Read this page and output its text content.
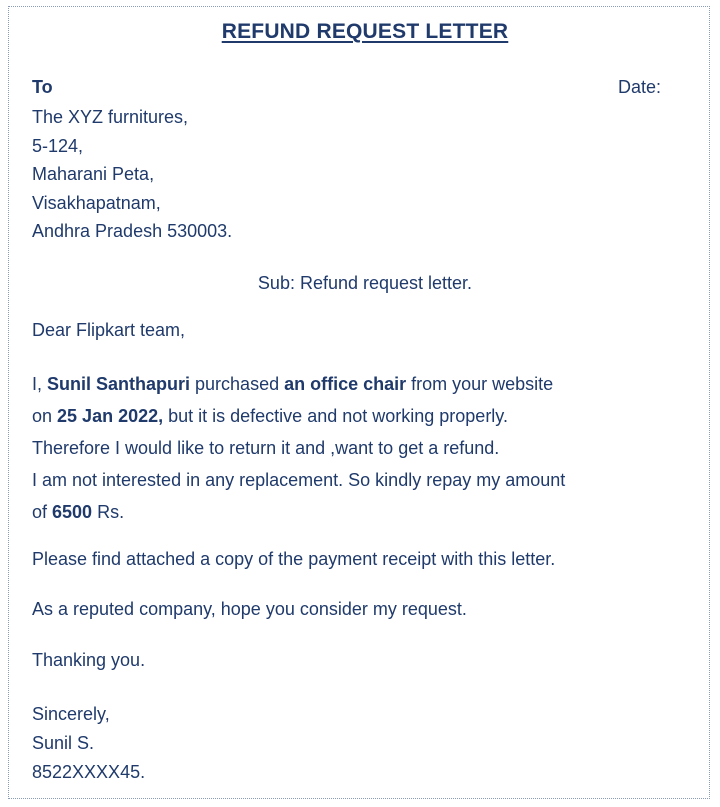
REFUND REQUEST LETTER
To	Date:
The XYZ furnitures,
5-124,
Maharani Peta,
Visakhapatnam,
Andhra Pradesh 530003.
Sub: Refund request letter.
Dear Flipkart team,
I, Sunil Santhapuri purchased an office chair from your website
on 25 Jan 2022, but it is defective and not working properly.
Therefore I would like to return it and ,want to get a refund.
I am not interested in any replacement. So kindly repay my amount
of 6500 Rs.
Please find attached a copy of the payment receipt with this letter.
As a reputed company, hope you consider my request.
Thanking you.
Sincerely,
Sunil S.
8522XXXX45.
